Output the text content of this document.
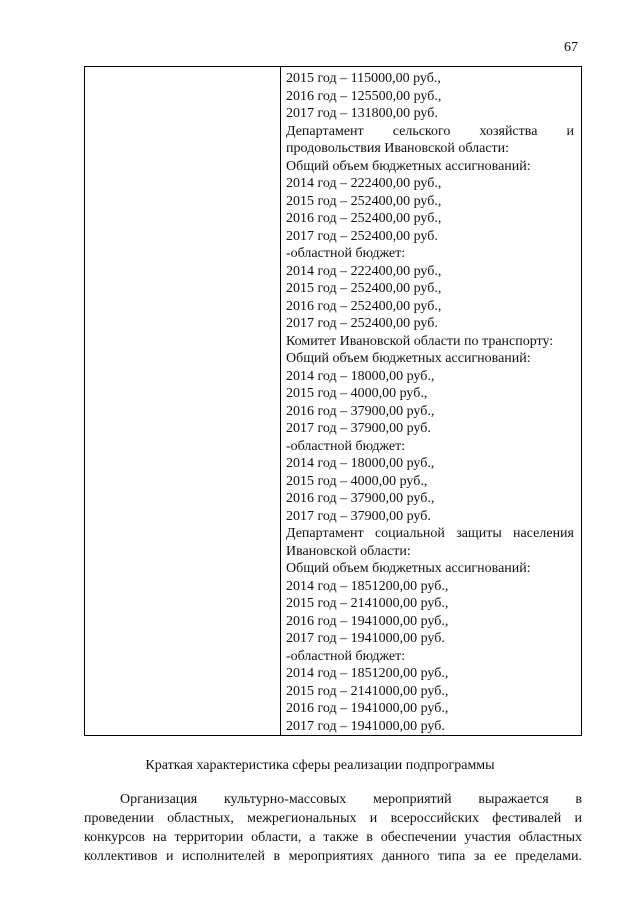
67
2015 год – 115000,00 руб.,
2016 год – 125500,00 руб.,
2017 год – 131800,00 руб.
Департамент сельского хозяйства и
продовольствия Ивановской области:
Общий объем бюджетных ассигнований:
2014 год – 222400,00 руб.,
2015 год – 252400,00 руб.,
2016 год – 252400,00 руб.,
2017 год – 252400,00 руб.
-областной бюджет:
2014 год – 222400,00 руб.,
2015 год – 252400,00 руб.,
2016 год – 252400,00 руб.,
2017 год – 252400,00 руб.
Комитет Ивановской области по транспорту:
Общий объем бюджетных ассигнований:
2014 год – 18000,00 руб.,
2015 год – 4000,00 руб.,
2016 год – 37900,00 руб.,
2017 год – 37900,00 руб.
-областной бюджет:
2014 год – 18000,00 руб.,
2015 год – 4000,00 руб.,
2016 год – 37900,00 руб.,
2017 год – 37900,00 руб.
Департамент социальной защиты населения
Ивановской области:
Общий объем бюджетных ассигнований:
2014 год – 1851200,00 руб.,
2015 год – 2141000,00 руб.,
2016 год – 1941000,00 руб.,
2017 год – 1941000,00 руб.
-областной бюджет:
2014 год – 1851200,00 руб.,
2015 год – 2141000,00 руб.,
2016 год – 1941000,00 руб.,
2017 год – 1941000,00 руб.
Краткая характеристика сферы реализации подпрограммы
Организация культурно-массовых мероприятий выражается в
проведении областных, межрегиональных и всероссийских фестивалей и
конкурсов на территории области, а также в обеспечении участия областных
коллективов и исполнителей в мероприятиях данного типа за ее пределами.
